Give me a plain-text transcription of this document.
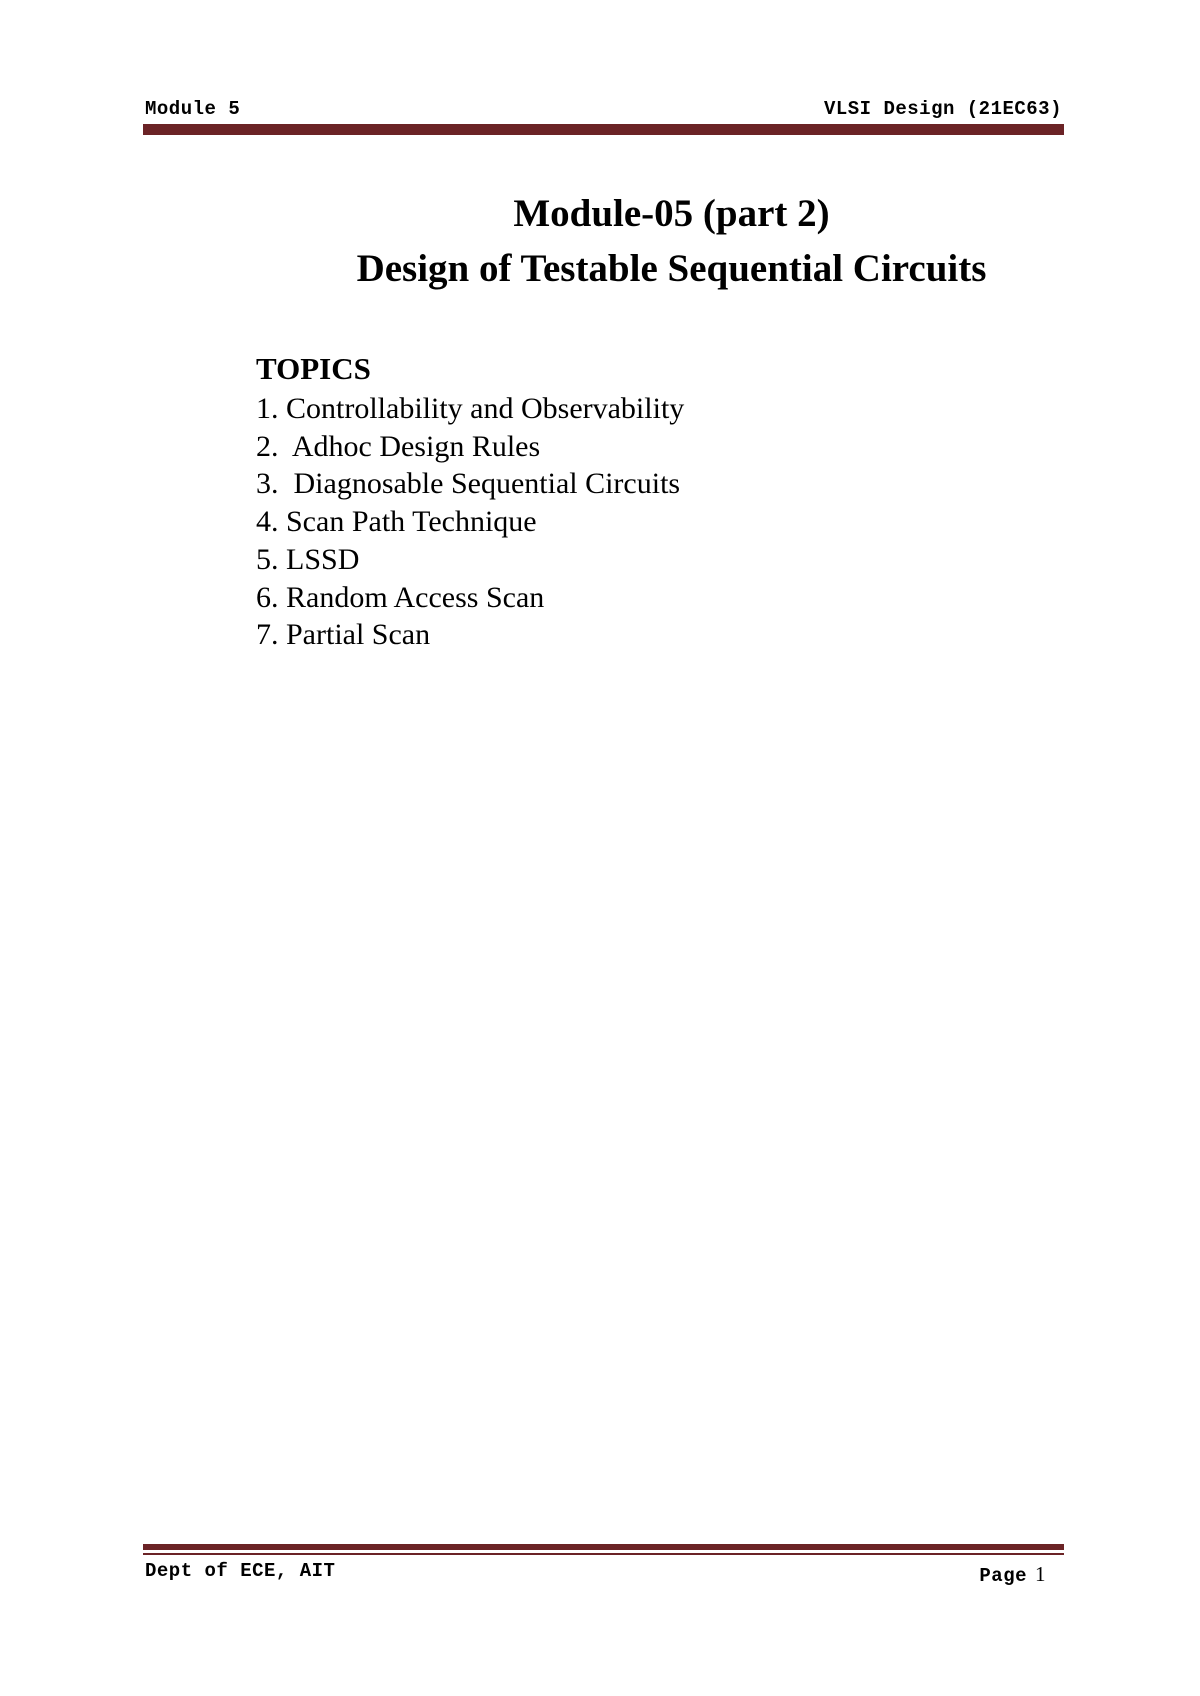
Module 5	VLSI Design (21EC63)
Module-05 (part 2)
Design of Testable Sequential Circuits
TOPICS
1. Controllability and Observability
2.  Adhoc Design Rules
3.  Diagnosable Sequential Circuits
4. Scan Path Technique
5. LSSD
6. Random Access Scan
7. Partial Scan
Dept of ECE, AIT	Page 1
